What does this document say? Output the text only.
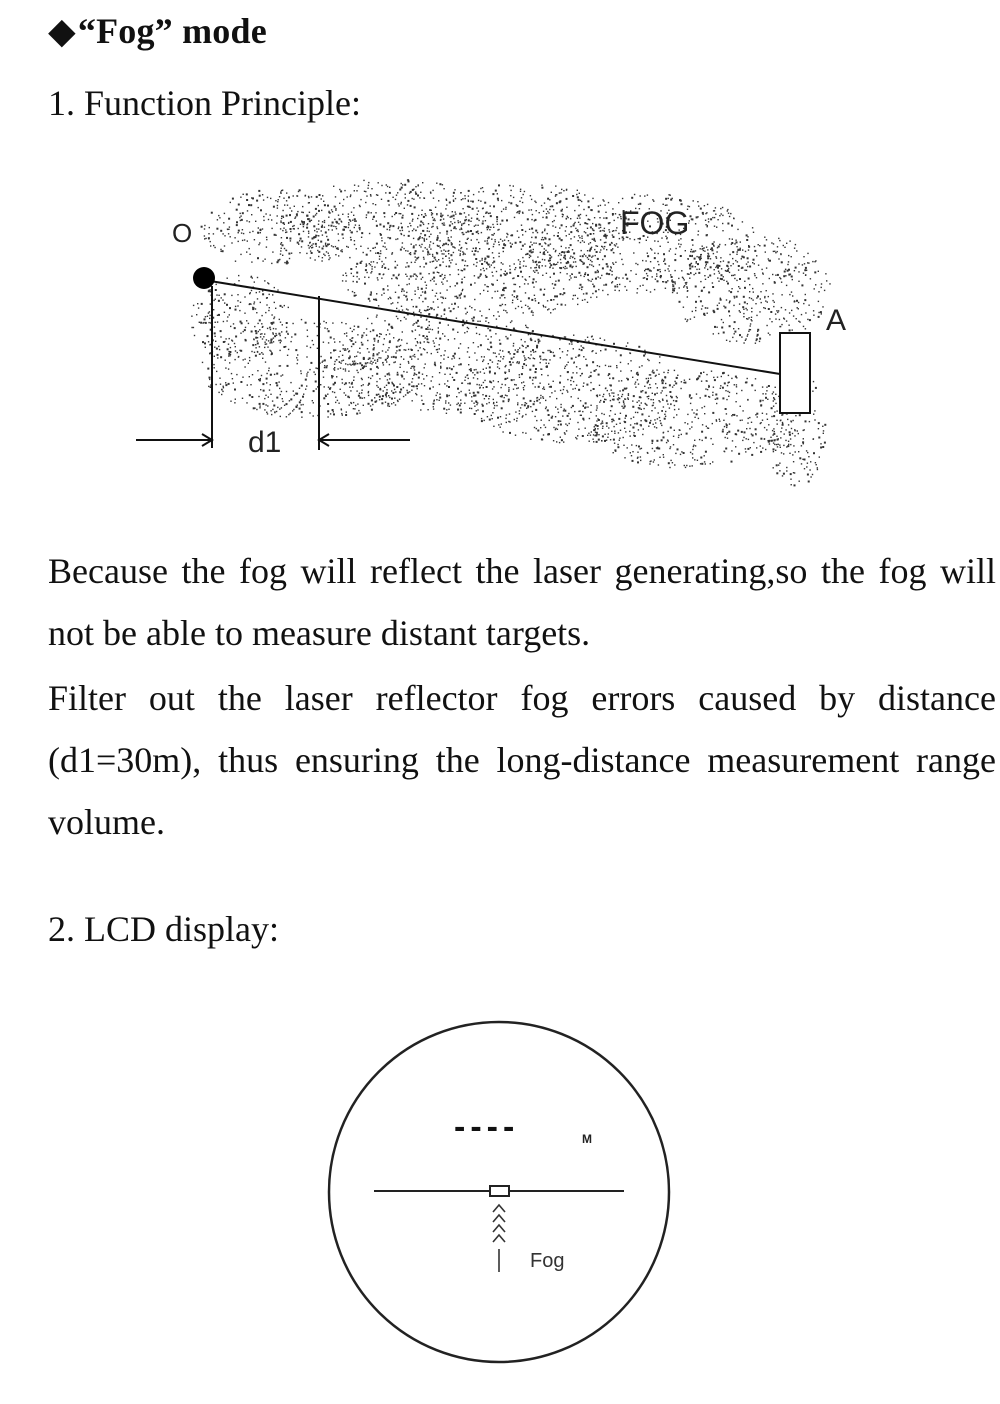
◆ “Fog” mode
1. Function Principle:
O	FOG
A
d1
Because the fog will reflect the laser generating,so the fog will not be able to measure distant targets.
Filter out the laser reflector fog errors caused by distance (d1=30m), thus ensuring the long-distance measurement range volume.
2. LCD display:
----	M
Fog
